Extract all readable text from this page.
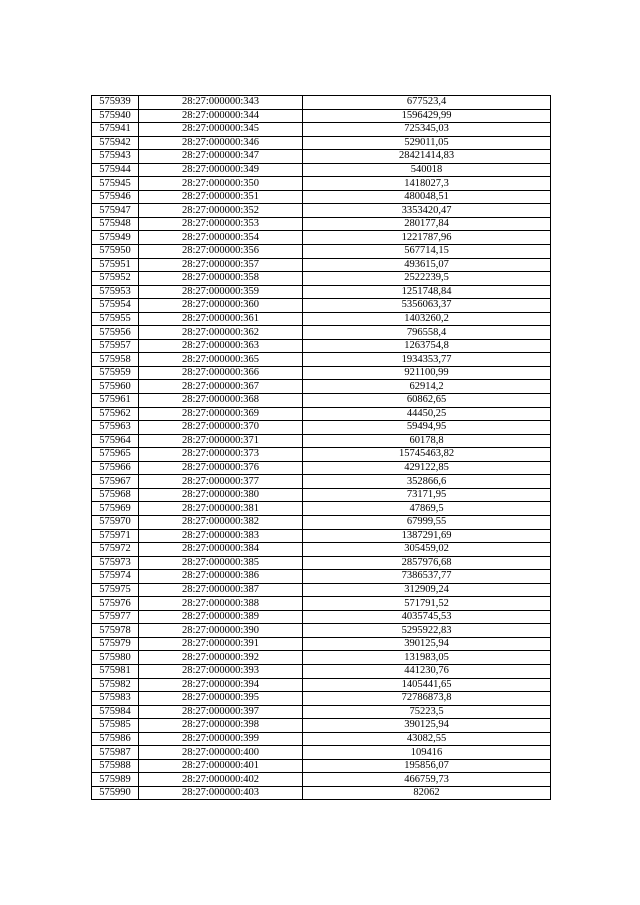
575939	28:27:000000:343	677523,4
575940	28:27:000000:344	1596429,99
575941	28:27:000000:345	725345,03
575942	28:27:000000:346	529011,05
575943	28:27:000000:347	28421414,83
575944	28:27:000000:349	540018
575945	28:27:000000:350	1418027,3
575946	28:27:000000:351	480048,51
575947	28:27:000000:352	3353420,47
575948	28:27:000000:353	280177,84
575949	28:27:000000:354	1221787,96
575950	28:27:000000:356	567714,15
575951	28:27:000000:357	493615,07
575952	28:27:000000:358	2522239,5
575953	28:27:000000:359	1251748,84
575954	28:27:000000:360	5356063,37
575955	28:27:000000:361	1403260,2
575956	28:27:000000:362	796558,4
575957	28:27:000000:363	1263754,8
575958	28:27:000000:365	1934353,77
575959	28:27:000000:366	921100,99
575960	28:27:000000:367	62914,2
575961	28:27:000000:368	60862,65
575962	28:27:000000:369	44450,25
575963	28:27:000000:370	59494,95
575964	28:27:000000:371	60178,8
575965	28:27:000000:373	15745463,82
575966	28:27:000000:376	429122,85
575967	28:27:000000:377	352866,6
575968	28:27:000000:380	73171,95
575969	28:27:000000:381	47869,5
575970	28:27:000000:382	67999,55
575971	28:27:000000:383	1387291,69
575972	28:27:000000:384	305459,02
575973	28:27:000000:385	2857976,68
575974	28:27:000000:386	7386537,77
575975	28:27:000000:387	312909,24
575976	28:27:000000:388	571791,52
575977	28:27:000000:389	4035745,53
575978	28:27:000000:390	5295922,83
575979	28:27:000000:391	390125,94
575980	28:27:000000:392	131983,05
575981	28:27:000000:393	441230,76
575982	28:27:000000:394	1405441,65
575983	28:27:000000:395	72786873,8
575984	28:27:000000:397	75223,5
575985	28:27:000000:398	390125,94
575986	28:27:000000:399	43082,55
575987	28:27:000000:400	109416
575988	28:27:000000:401	195856,07
575989	28:27:000000:402	466759,73
575990	28:27:000000:403	82062
